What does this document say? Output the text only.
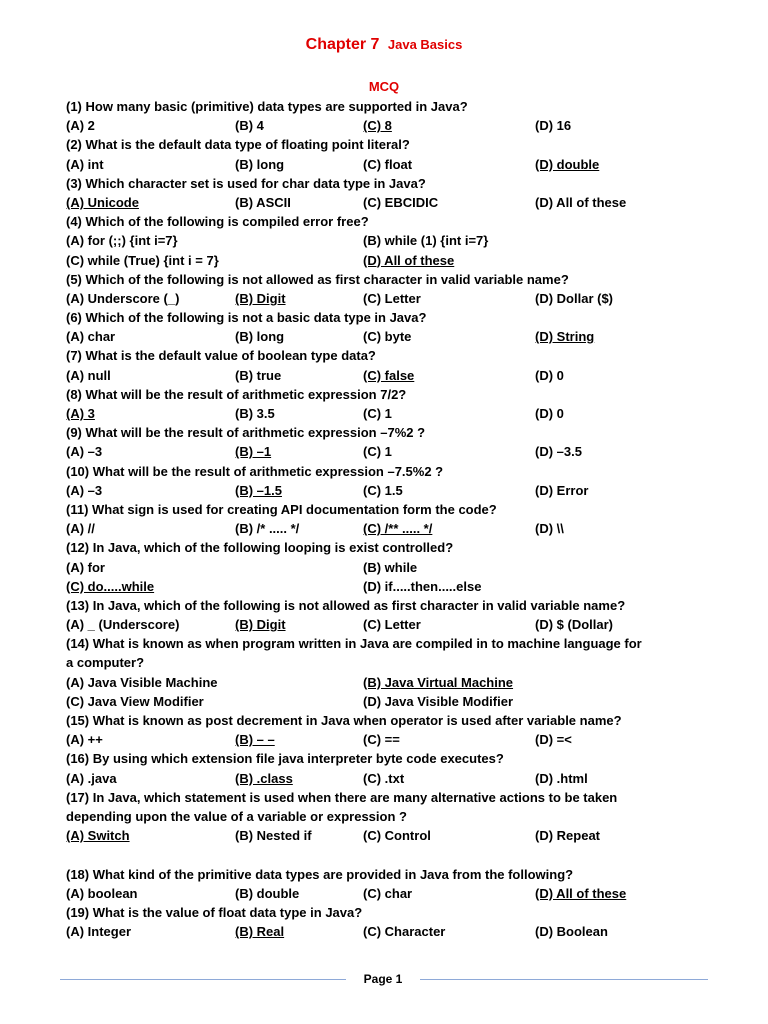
Chapter 7 Java Basics
MCQ
(1) How many basic (primitive) data types are supported in Java?
(A) 2	(B) 4	(C) 8	(D) 16
(2) What is the default data type of floating point literal?
(A) int	(B) long	(C) float	(D) double
(3) Which character set is used for char data type in Java?
(A) Unicode	(B) ASCII	(C) EBCIDIC	(D) All of these
(4) Which of the following is compiled error free?
(A) for (;;) {int i=7}	(B) while (1) {int i=7}
(C) while (True) {int i = 7}	(D) All of these
(5) Which of the following is not allowed as first character in valid variable name?
(A) Underscore (_)	(B) Digit	(C) Letter	(D) Dollar ($)
(6) Which of the following is not a basic data type in Java?
(A) char	(B) long	(C) byte	(D) String
(7) What is the default value of boolean type data?
(A) null	(B) true	(C) false	(D) 0
(8) What will be the result of arithmetic expression 7/2?
(A) 3	(B) 3.5	(C) 1	(D) 0
(9) What will be the result of arithmetic expression –7%2 ?
(A) –3	(B) –1	(C) 1	(D) –3.5
(10) What will be the result of arithmetic expression –7.5%2 ?
(A) –3	(B) –1.5	(C) 1.5	(D) Error
(11) What sign is used for creating API documentation form the code?
(A) //	(B) /* ..... */	(C) /** ..... */	(D) \\
(12) In Java, which of the following looping is exist controlled?
(A) for	(B) while
(C) do.....while	(D) if.....then.....else
(13) In Java, which of the following is not allowed as first character in valid variable name?
(A) _ (Underscore)	(B) Digit	(C) Letter	(D) $ (Dollar)
(14) What is known as when program written in Java are compiled in to machine language for
a computer?
(A) Java Visible Machine	(B) Java Virtual Machine
(C) Java View Modifier	(D) Java Visible Modifier
(15) What is known as post decrement in Java when operator is used after variable name?
(A) ++	(B) – –	(C) ==	(D) =<
(16) By using which extension file java interpreter byte code executes?
(A) .java	(B) .class	(C) .txt	(D) .html
(17) In Java, which statement is used when there are many alternative actions to be taken
depending upon the value of a variable or expression ?
(A) Switch	(B) Nested if	(C) Control	(D) Repeat
(18) What kind of the primitive data types are provided in Java from the following?
(A) boolean	(B) double	(C) char	(D) All of these
(19) What is the value of float data type in Java?
(A) Integer	(B) Real	(C) Character	(D) Boolean
Page 1
